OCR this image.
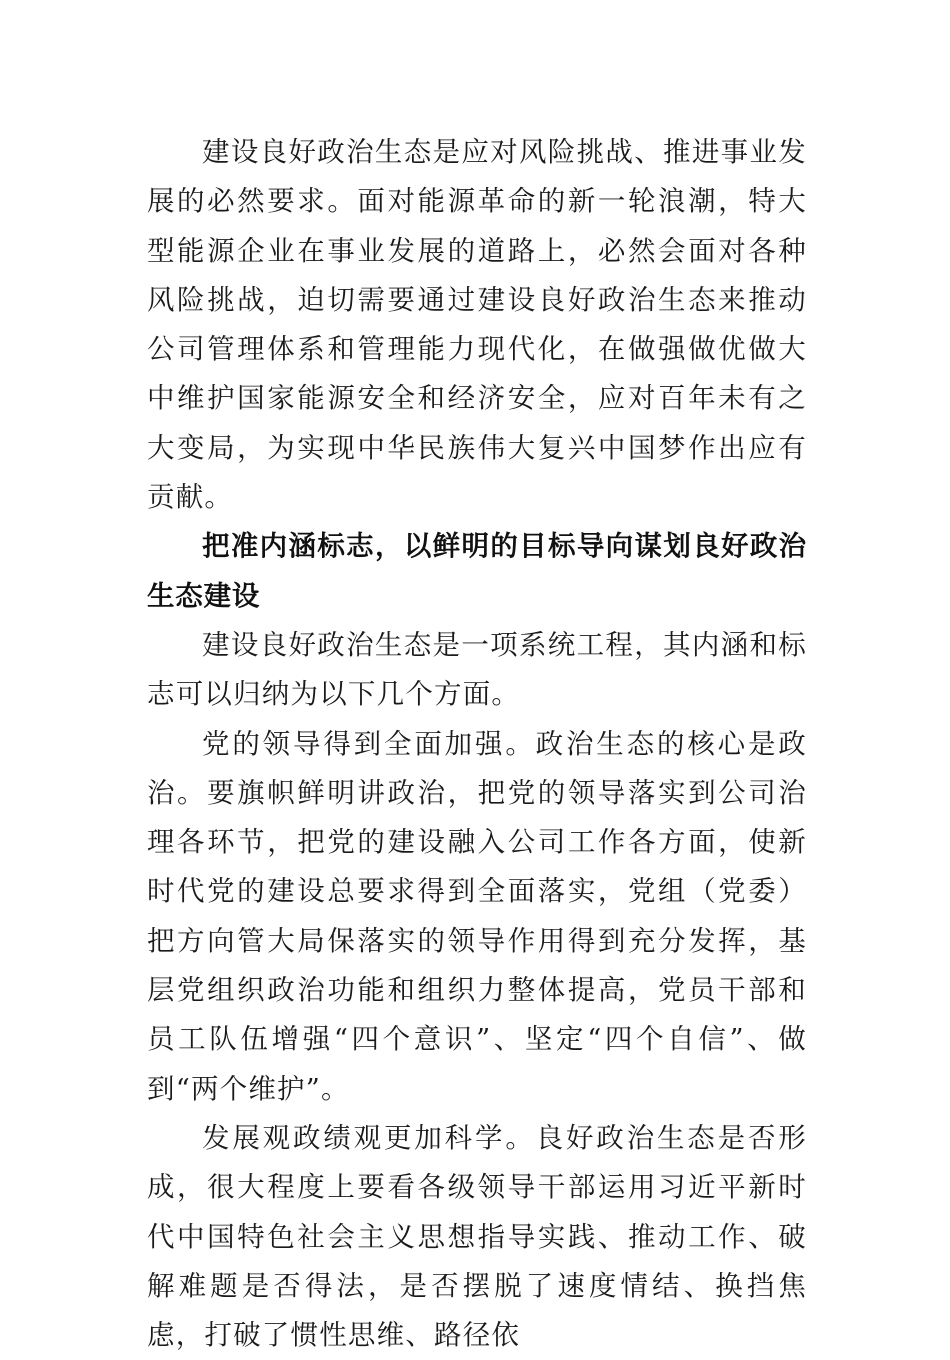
建设良好政治生态是应对风险挑战、推进事业发展的必然要求。面对能源革命的新一轮浪潮，特大型能源企业在事业发展的道路上，必然会面对各种风险挑战，迫切需要通过建设良好政治生态来推动公司管理体系和管理能力现代化，在做强做优做大中维护国家能源安全和经济安全，应对百年未有之大变局，为实现中华民族伟大复兴中国梦作出应有贡献。

把准内涵标志，以鲜明的目标导向谋划良好政治生态建设

建设良好政治生态是一项系统工程，其内涵和标志可以归纳为以下几个方面。

党的领导得到全面加强。政治生态的核心是政治。要旗帜鲜明讲政治，把党的领导落实到公司治理各环节，把党的建设融入公司工作各方面，使新时代党的建设总要求得到全面落实，党组（党委）把方向管大局保落实的领导作用得到充分发挥，基层党组织政治功能和组织力整体提高，党员干部和员工队伍增强“四个意识”、坚定“四个自信”、做到“两个维护”。

发展观政绩观更加科学。良好政治生态是否形成，很大程度上要看各级领导干部运用习近平新时代中国特色社会主义思想指导实践、推动工作、破解难题是否得法，是否摆脱了速度情结、换挡焦虑，打破了惯性思维、路径依
